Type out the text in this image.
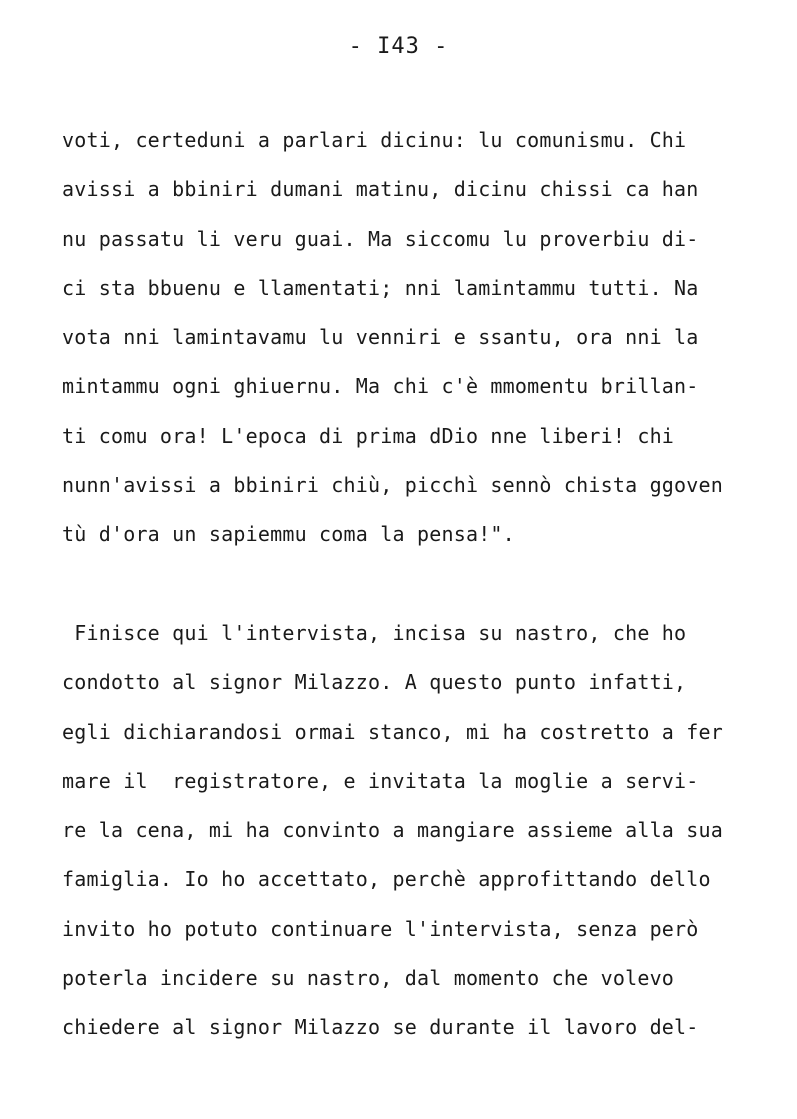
- I43 -
voti, certeduni a parlari dicinu: lu comunismu. Chi
avissi a bbiniri dumani matinu, dicinu chissi ca han
nu passatu li veru guai. Ma siccomu lu proverbiu di-
ci sta bbuenu e llamentati; nni lamintammu tutti. Na
vota nni lamintavamu lu venniri e ssantu, ora nni la
mintammu ogni ghiuernu. Ma chi c'è mmomentu brillan-
ti comu ora! L'epoca di prima dDio nne liberi! chi
nunn'avissi a bbiniri chiù, picchì sennò chista ggoven
tù d'ora un sapiemmu coma la pensa!".
Finisce qui l'intervista, incisa su nastro, che ho
condotto al signor Milazzo. A questo punto infatti,
egli dichiarandosi ormai stanco, mi ha costretto a fer
mare il  registratore, e invitata la moglie a servi-
re la cena, mi ha convinto a mangiare assieme alla sua
famiglia. Io ho accettato, perchè approfittando dello
invito ho potuto continuare l'intervista, senza però
poterla incidere su nastro, dal momento che volevo
chiedere al signor Milazzo se durante il lavoro del-
